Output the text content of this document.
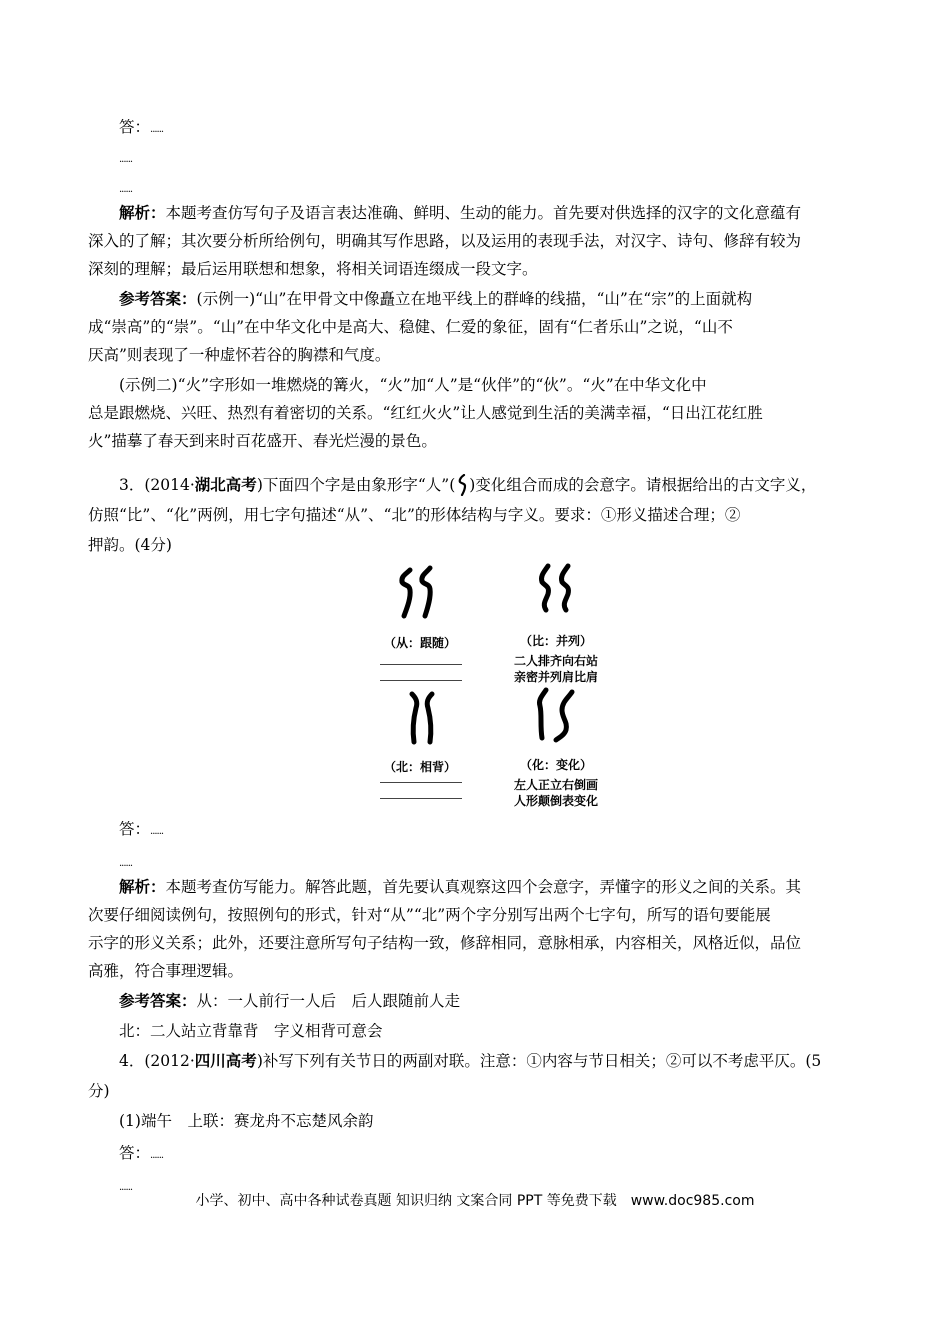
答：......
......
......
解析：本题考查仿写句子及语言表达准确、鲜明、生动的能力。首先要对供选择的汉字的文化意蕴有
深入的了解；其次要分析所给例句，明确其写作思路，以及运用的表现手法，对汉字、诗句、修辞有较为
深刻的理解；最后运用联想和想象，将相关词语连缀成一段文字。
参考答案：(示例一)“山”在甲骨文中像矗立在地平线上的群峰的线描，“山”在“宗”的上面就构
成“崇高”的“崇”。“山”在中华文化中是高大、稳健、仁爱的象征，固有“仁者乐山”之说，“山不
厌高”则表现了一种虚怀若谷的胸襟和气度。
(示例二)“火”字形如一堆燃烧的篝火，“火”加“人”是“伙伴”的“伙”。“火”在中华文化中
总是跟燃烧、兴旺、热烈有着密切的关系。“红红火火”让人感觉到生活的美满幸福，“日出江花红胜
火”描摹了春天到来时百花盛开、春光烂漫的景色。
3．(2014·湖北高考)下面四个字是由象形字“人”( )变化组合而成的会意字。请根据给出的古文字义，
仿照“比”、“化”两例，用七字句描述“从”、“北”的形体结构与字义。要求：①形义描述合理；②
押韵。(4分)
（从：跟随）	（比：并列）
二人排齐向右站
亲密并列肩比肩
（北：相背）	（化：变化）
左人正立右倒画
人形颠倒表变化
答：......
......
解析：本题考查仿写能力。解答此题，首先要认真观察这四个会意字，弄懂字的形义之间的关系。其
次要仔细阅读例句，按照例句的形式，针对“从”“北”两个字分别写出两个七字句，所写的语句要能展
示字的形义关系；此外，还要注意所写句子结构一致，修辞相同，意脉相承，内容相关，风格近似，品位
高雅，符合事理逻辑。
参考答案：从：一人前行一人后　后人跟随前人走
北：二人站立背靠背　字义相背可意会
4．(2012·四川高考)补写下列有关节日的两副对联。注意：①内容与节日相关；②可以不考虑平仄。(5
分)
(1)端午　上联：赛龙舟不忘楚风余韵
答：......
......
小学、初中、高中各种试卷真题 知识归纳 文案合同 PPT 等免费下载　www.doc985.com
